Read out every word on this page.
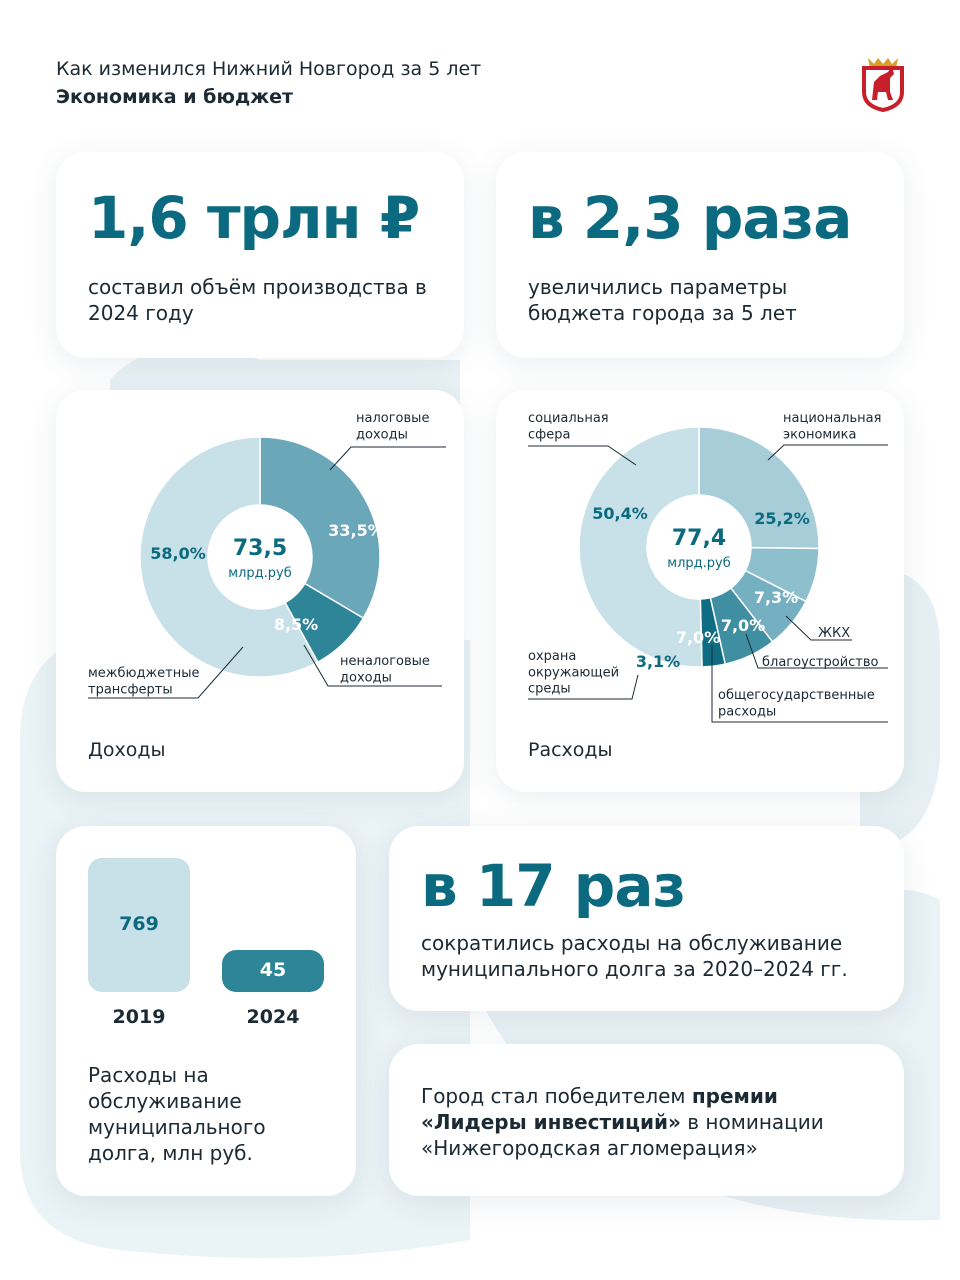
Как изменился Нижний Новгород за 5 лет
Экономика и бюджет
1,6 трлн ₽
составил объём производства в 2024 году
в 2,3 раза
увеличились параметры бюджета города за 5 лет
73,5
млрд.руб
33,5%
налоговые доходы
8,5%
неналоговые доходы
58,0%
межбюджетные трансферты
Доходы
77,4
млрд.руб
25,2%
национальная экономика
7,3%
ЖКХ
7,0%
благоустройство
7,0%
общегосударственные расходы
3,1%
охрана окружающей среды
50,4%
социальная сфера
Расходы
769
2019
45
2024
Расходы на обслуживание муниципального долга, млн руб.
в 17 раз
сократились расходы на обслуживание муниципального долга за 2020–2024 гг.
Город стал победителем премии «Лидеры инвестиций» в номинации «Нижегородская агломерация»
